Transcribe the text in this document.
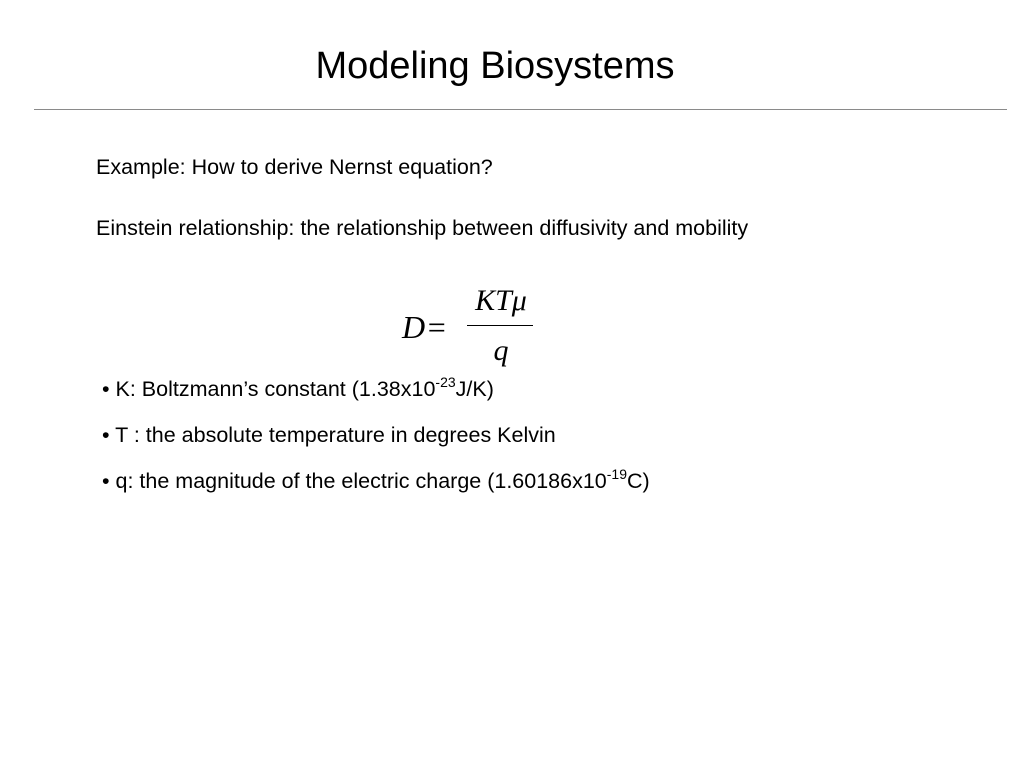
Modeling Biosystems

Example: How to derive Nernst equation?

Einstein relationship: the relationship between diffusivity and mobility

D =
KTμ
q
• K: Boltzmann’s constant $(1.38x10^{-23}J/K)$
• T : the absolute temperature in degrees Kelvin
• q: the magnitude of the electric charge $(1.60186x10^{-19}C)$
